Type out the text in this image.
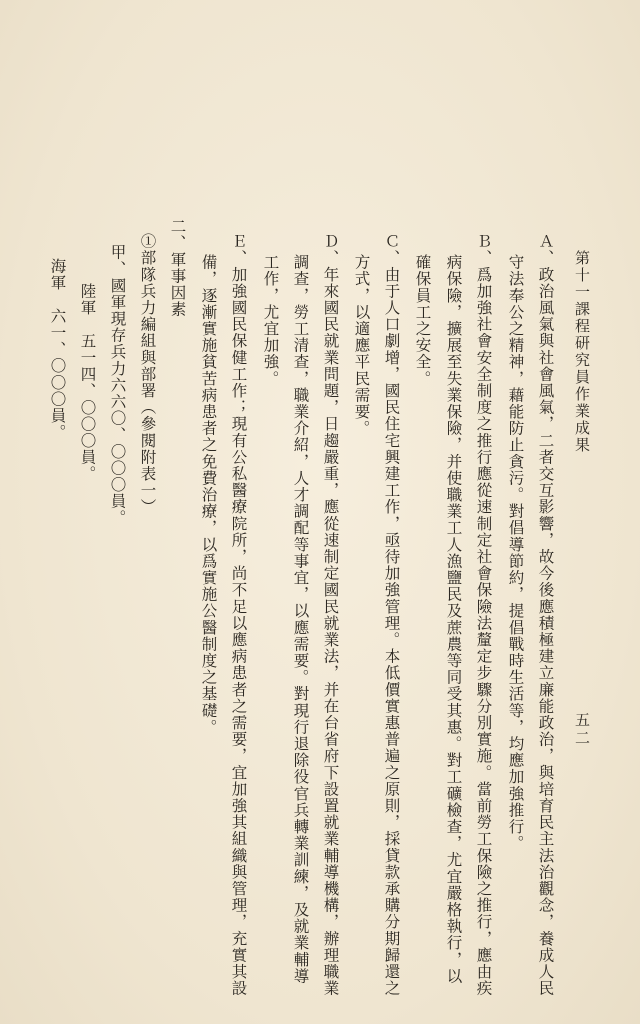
第十一課程研究員作業成果
五二
Ａ、政治風氣與社會風氣，二者交互影響，故今後應積極建立廉能政治，與培育民主法治觀念，養成人民
守法奉公之精神，藉能防止貪污。對倡導節約，提倡戰時生活等，均應加強推行。
Ｂ、爲加強社會安全制度之推行應從速制定社會保險法釐定步驟分別實施。當前勞工保險之推行，應由疾
病保險，擴展至失業保險，并使職業工人漁鹽民及蔗農等同受其惠。對工礦檢查，尤宜嚴格執行，以
確保員工之安全。
Ｃ、由于人口劇增，國民住宅興建工作，亟待加強管理。本低價實惠普遍之原則，採貸款承購分期歸還之
方式，以適應平民需要。
Ｄ、年來國民就業問題，日趨嚴重，應從速制定國民就業法，并在台省府下設置就業輔導機構，辦理職業
調查，勞工清查，職業介紹，人才調配等事宜，以應需要。對現行退除役官兵轉業訓練，及就業輔導
工作，尤宜加強。
Ｅ、加強國民保健工作；現有公私醫療院所，尚不足以應病患者之需要，宜加強其組織與管理，充實其設
備，逐漸實施貧苦病患者之免費治療，以爲實施公醫制度之基礎。
二、軍事因素
①部隊兵力編組與部署（參閱附表一）
甲、國軍現存兵力六六〇、〇〇〇員。
陸軍　五一四、〇〇〇員。
海軍　六一、〇〇〇員。
